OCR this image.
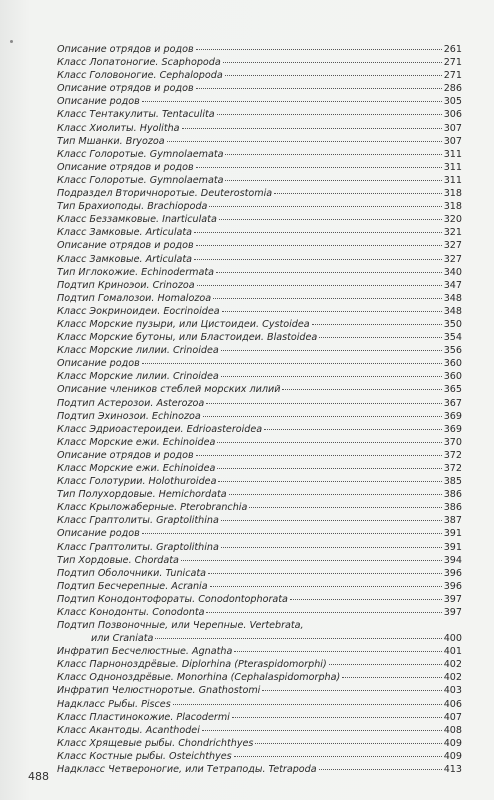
Описание отрядов и родов	261
Класс Лопатоногие. Scaphopoda	271
Класс Головоногие. Cephalopoda	271
Описание отрядов и родов	286
Описание родов	305
Класс Тентакулиты. Tentaculita	306
Класс Хиолиты. Hyolitha	307
Тип Мшанки. Bryozoa	307
Класс Голоротые. Gymnolaemata	311
Описание отрядов и родов	311
Класс Голоротые. Gymnolaemata	311
Подраздел Вторичноротые. Deuterostomia	318
Тип Брахиоподы. Brachiopoda	318
Класс Беззамковые. Inarticulata	320
Класс Замковые. Articulata	321
Описание отрядов и родов	327
Класс Замковые. Articulata	327
Тип Иглокожие. Echinodermata	340
Подтип Криноэои. Crinozoa	347
Подтип Гомалозои. Homalozoa	348
Класс Эокриноидеи. Eocrinoidea	348
Класс Морские пузыри, или Цистоидеи. Cystoidea	350
Класс Морские бутоны, или Бластоидеи. Blastoidea	354
Класс Морские лилии. Crinoidea	356
Описание родов	360
Класс Морские лилии. Crinoidea	360
Описание члеников стеблей морских лилий	365
Подтип Астерозои. Asterozoa	367
Подтип Эхинозои. Echinozoa	369
Класс Эдриоастероидеи. Edrioasteroidea	369
Класс Морские ежи. Echinoidea	370
Описание отрядов и родов	372
Класс Морские ежи. Echinoidea	372
Класс Голотурии. Holothuroidea	385
Тип Полухордовые. Hemichordata	386
Класс Крыложаберные. Pterobranchia	386
Класс Граптолиты. Graptolithina	387
Описание родов	391
Класс Граптолиты. Graptolithina	391
Тип Хордовые. Chordata	394
Подтип Оболочники. Tunicata	396
Подтип Бесчерепные. Acrania	396
Подтип Конодонтофораты. Conodontophorata	397
Класс Конодонты. Conodonta	397
Подтип Позвоночные, или Черепные. Vertebrata,
или Craniata	400
Инфратип Бесчелюстные. Agnatha	401
Класс Парноноздрёвые. Diplorhina (Pteraspidomorphi)	402
Класс Одноноздрёвые. Monorhina (Cephalaspidomorpha)	402
Инфратип Челюстноротые. Gnathostomi	403
Надкласс Рыбы. Pisces	406
Класс Пластинокожие. Placodermi	407
Класс Акантоды. Acanthodei	408
Класс Хрящевые рыбы. Chondrichthyes	409
Класс Костные рыбы. Osteichthyes	409
Надкласс Четвероногие, или Тетраподы. Tetrapoda	413
488
